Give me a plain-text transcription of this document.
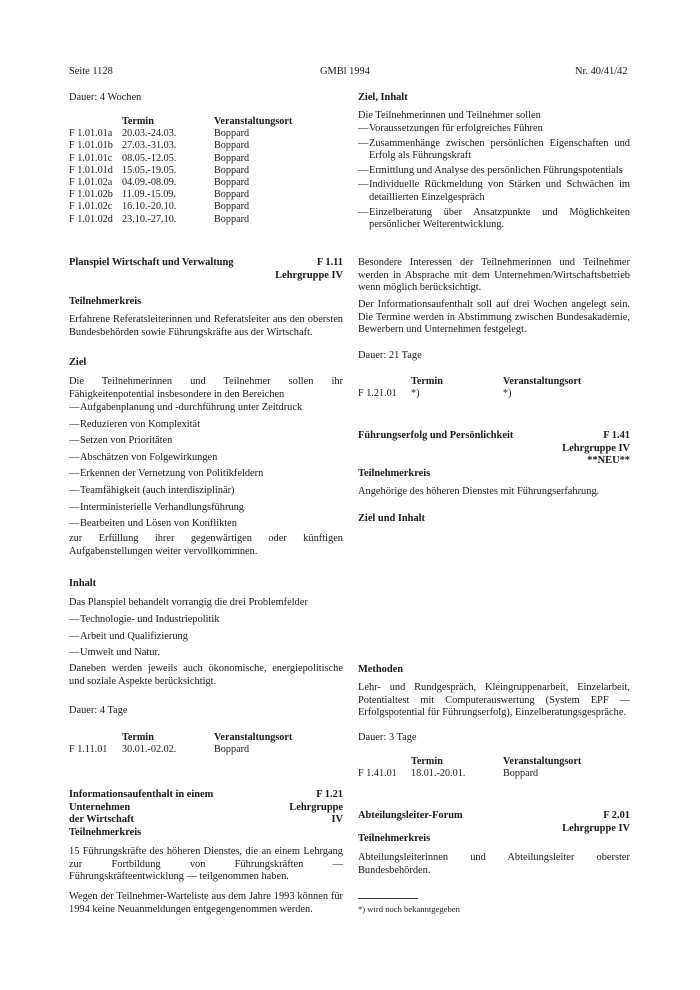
Seite 1128	GMBl 1994	Nr. 40/41/42
Dauer: 4 Wochen
	Termin	Veranstaltungsort
F 1.01.01a	20.03.-24.03.	Boppard
F 1.01.01b	27.03.-31.03.	Boppard
F 1.01.01c	08.05.-12.05.	Boppard
F 1.01.01d	15.05.-19.05.	Boppard
F 1.01.02a	04.09.-08.09.	Boppard
F 1.01.02b	11.09.-15.09.	Boppard
F 1.01.02c	16.10.-20.10.	Boppard
F 1.01.02d	23.10.-27.10.	Boppard
Planspiel Wirtschaft und Verwaltung	F 1.11
Lehrgruppe IV
Teilnehmerkreis

Erfahrene Referatsleiterinnen und Referatsleiter aus den obersten Bundesbehörden sowie Führungskräfte aus der Wirtschaft.

Ziel

Die Teilnehmerinnen und Teilnehmer sollen ihr Fähigkeitenpotential insbesondere in den Bereichen

— Aufgabenplanung und -durchführung unter Zeitdruck
— Reduzieren von Komplexität
— Setzen von Prioritäten
— Abschätzen von Folgewirkungen
— Erkennen der Vernetzung von Politikfeldern
— Teamfähigkeit (auch interdisziplinär)
— Interministerielle Verhandlungsführung
— Bearbeiten und Lösen von Konflikten

zur Erfüllung ihrer gegenwärtigen oder künftigen Aufgabenstellungen weiter vervollkommnen.

Inhalt

Das Planspiel behandelt vorrangig die drei Problemfelder

— Technologie- und Industriepolitik
— Arbeit und Qualifizierung
— Umwelt und Natur.

Daneben werden jeweils auch ökonomische, energiepolitische und soziale Aspekte berücksichtigt.

Dauer: 4 Tage
	Termin	Veranstaltungsort
F 1.11.01	30.01.-02.02.	Boppard
Informationsaufenthalt in einem Unternehmen
der Wirtschaft
F 1.21
Lehrgruppe IV
Teilnehmerkreis

15 Führungskräfte des höheren Dienstes, die an einem Lehrgang zur Fortbildung von Führungskräften — Führungskräfteentwicklung — teilgenommen haben.

Wegen der Teilnehmer-Warteliste aus dem Jahre 1993 können für 1994 keine Neuanmeldungen entgegengenommen werden.

Ziel, Inhalt

Die Teilnehmerinnen und Teilnehmer sollen

— Voraussetzungen für erfolgreiches Führen
— Zusammenhänge zwischen persönlichen Eigenschaften und Erfolg als Führungskraft
— Ermittlung und Analyse des persönlichen Führungspotentials
— Individuelle Rückmeldung von Stärken und Schwächen im detaillierten Einzelgespräch
— Einzelberatung über Ansatzpunkte und Möglichkeiten persönlicher Weiterentwicklung.

Besondere Interessen der Teilnehmerinnen und Teilnehmer werden in Absprache mit dem Unternehmen/Wirtschaftsbetrieb wenn möglich berücksichtigt.

Der Informationsaufenthalt soll auf drei Wochen angelegt sein. Die Termine werden in Abstimmung zwischen Bundesakademie, Bewerbern und Unternehmen festgelegt.

Dauer: 21 Tage
	Termin	Veranstaltungsort
F 1.21.01	*)	*)
Führungserfolg und Persönlichkeit	F 1.41
Lehrgruppe IV
**NEU**
Teilnehmerkreis

Angehörige des höheren Dienstes mit Führungserfahrung.

Ziel und Inhalt
Methoden

Lehr- und Rundgespräch, Kleingruppenarbeit, Einzelarbeit, Potentialtest mit Computerauswertung (System EPF — Erfolgspotential für Führungserfolg), Einzelberatungsgespräche.

Dauer: 3 Tage
	Termin	Veranstaltungsort
F 1.41.01	18.01.-20.01.	Boppard
Abteilungsleiter-Forum	F 2.01
Lehrgruppe IV
Teilnehmerkreis

Abteilungsleiterinnen und Abteilungsleiter oberster Bundesbehörden.

*) wird noch bekanntgegeben
